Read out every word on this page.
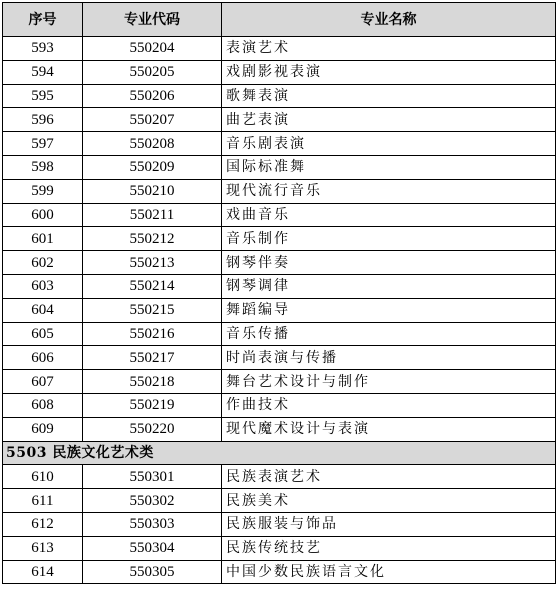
序号	专业代码	专业名称
593	550204	表演艺术
594	550205	戏剧影视表演
595	550206	歌舞表演
596	550207	曲艺表演
597	550208	音乐剧表演
598	550209	国际标准舞
599	550210	现代流行音乐
600	550211	戏曲音乐
601	550212	音乐制作
602	550213	钢琴伴奏
603	550214	钢琴调律
604	550215	舞蹈编导
605	550216	音乐传播
606	550217	时尚表演与传播
607	550218	舞台艺术设计与制作
608	550219	作曲技术
609	550220	现代魔术设计与表演
5503 民族文化艺术类		
610	550301	民族表演艺术
611	550302	民族美术
612	550303	民族服装与饰品
613	550304	民族传统技艺
614	550305	中国少数民族语言文化
